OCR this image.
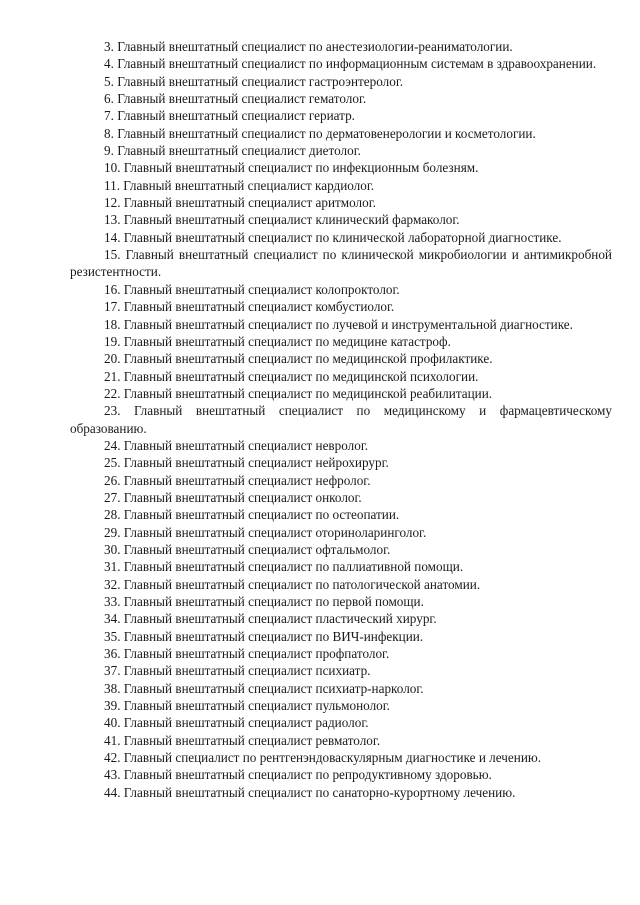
3. Главный внештатный специалист по анестезиологии-реаниматологии.

4. Главный внештатный специалист по информационным системам в здравоохранении.

5. Главный внештатный специалист гастроэнтеролог.

6. Главный внештатный специалист гематолог.

7. Главный внештатный специалист гериатр.

8. Главный внештатный специалист по дерматовенерологии и косметологии.

9. Главный внештатный специалист диетолог.

10. Главный внештатный специалист по инфекционным болезням.

11. Главный внештатный специалист кардиолог.

12. Главный внештатный специалист аритмолог.

13. Главный внештатный специалист клинический фармаколог.

14. Главный внештатный специалист по клинической лабораторной диагностике.

15. Главный внештатный специалист по клинической микробиологии и антимикробной резистентности.

16. Главный внештатный специалист колопроктолог.

17. Главный внештатный специалист комбустиолог.

18. Главный внештатный специалист по лучевой и инструментальной диагностике.

19. Главный внештатный специалист по медицине катастроф.

20. Главный внештатный специалист по медицинской профилактике.

21. Главный внештатный специалист по медицинской психологии.

22. Главный внештатный специалист по медицинской реабилитации.

23. Главный внештатный специалист по медицинскому и фармацевтическому образованию.

24. Главный внештатный специалист невролог.

25. Главный внештатный специалист нейрохирург.

26. Главный внештатный специалист нефролог.

27. Главный внештатный специалист онколог.

28. Главный внештатный специалист по остеопатии.

29. Главный внештатный специалист оториноларинголог.

30. Главный внештатный специалист офтальмолог.

31. Главный внештатный специалист по паллиативной помощи.

32. Главный внештатный специалист по патологической анатомии.

33. Главный внештатный специалист по первой помощи.

34. Главный внештатный специалист пластический хирург.

35. Главный внештатный специалист по ВИЧ-инфекции.

36. Главный внештатный специалист профпатолог.

37. Главный внештатный специалист психиатр.

38. Главный внештатный специалист психиатр-нарколог.

39. Главный внештатный специалист пульмонолог.

40. Главный внештатный специалист радиолог.

41. Главный внештатный специалист ревматолог.

42. Главный специалист по рентгенэндоваскулярным диагностике и лечению.

43. Главный внештатный специалист по репродуктивному здоровью.

44. Главный внештатный специалист по санаторно-курортному лечению.
